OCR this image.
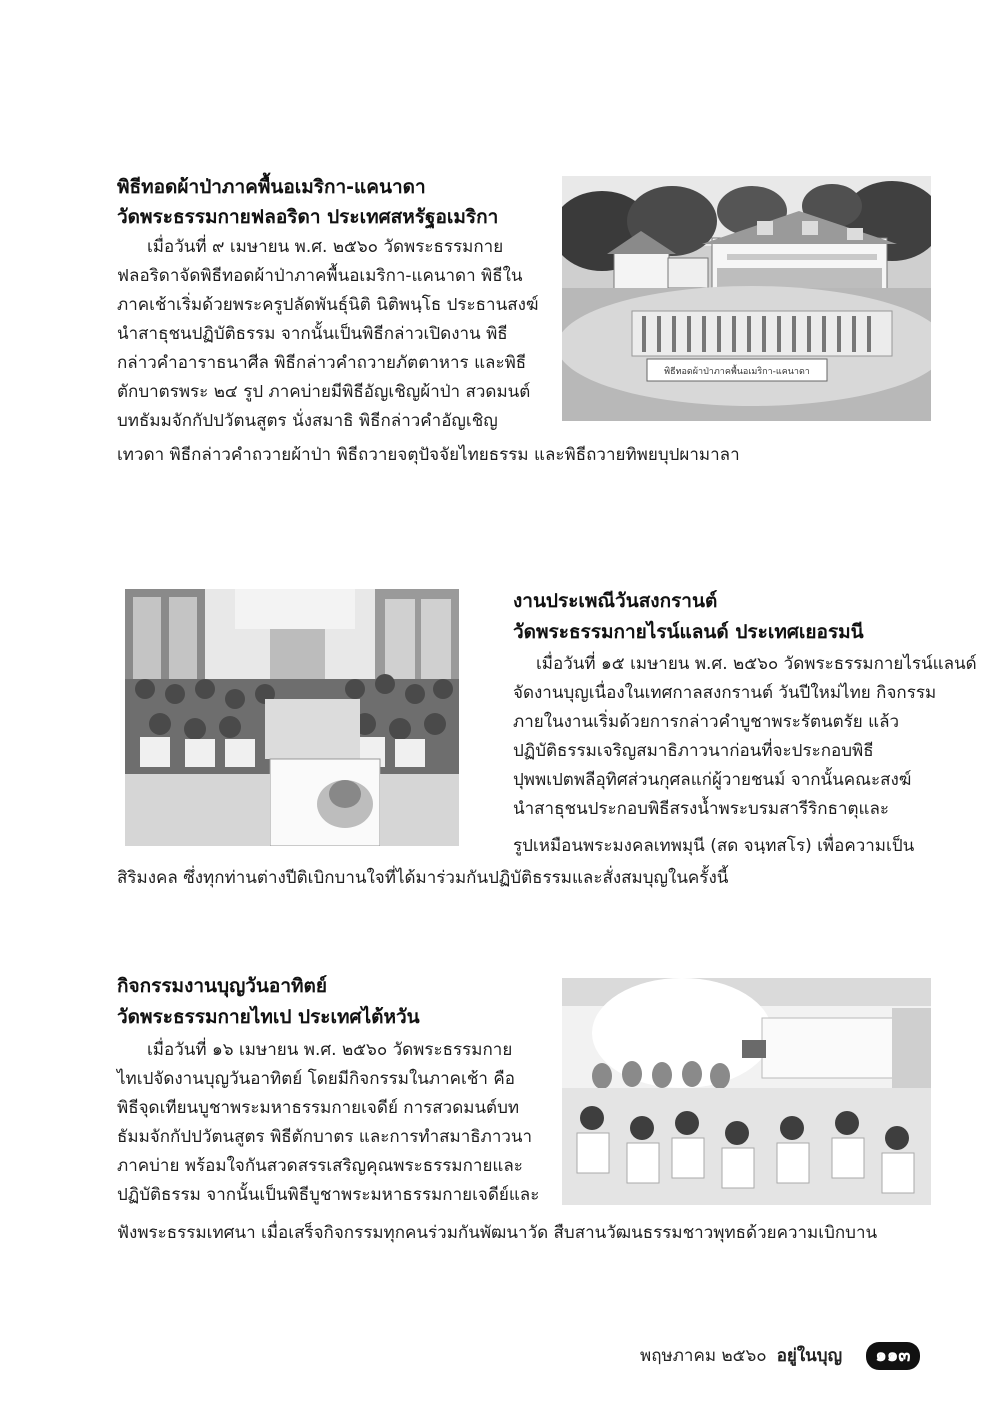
พิธีทอดผ้าป่าภาคพื้นอเมริกา-แคนาดา
วัดพระธรรมกายฟลอริดา ประเทศสหรัฐอเมริกา
เมื่อวันที่ ๙ เมษายน พ.ศ. ๒๕๖๐ วัดพระธรรมกาย
ฟลอริดาจัดพิธีทอดผ้าป่าภาคพื้นอเมริกา-แคนาดา พิธีใน
ภาคเช้าเริ่มด้วยพระครูปลัดพันธุ์นิติ นิติพนฺโธ ประธานสงฆ์
นำสาธุชนปฏิบัติธรรม จากนั้นเป็นพิธีกล่าวเปิดงาน พิธี
กล่าวคำอาราธนาศีล พิธีกล่าวคำถวายภัตตาหาร และพิธี
ตักบาตรพระ ๒๔ รูป ภาคบ่ายมีพิธีอัญเชิญผ้าป่า สวดมนต์
บทธัมมจักกัปปวัตนสูตร นั่งสมาธิ พิธีกล่าวคำอัญเชิญ
เทวดา พิธีกล่าวคำถวายผ้าป่า พิธีถวายจตุปัจจัยไทยธรรม และพิธีถวายทิพยบุปผามาลา
พิธีทอดผ้าป่าภาคพื้นอเมริกา-แคนาดา
งานประเพณีวันสงกรานต์
วัดพระธรรมกายไรน์แลนด์ ประเทศเยอรมนี
เมื่อวันที่ ๑๕ เมษายน พ.ศ. ๒๕๖๐ วัดพระธรรมกายไรน์แลนด์
จัดงานบุญเนื่องในเทศกาลสงกรานต์ วันปีใหม่ไทย กิจกรรม
ภายในงานเริ่มด้วยการกล่าวคำบูชาพระรัตนตรัย แล้ว
ปฏิบัติธรรมเจริญสมาธิภาวนาก่อนที่จะประกอบพิธี
ปุพพเปตพลีอุทิศส่วนกุศลแก่ผู้วายชนม์ จากนั้นคณะสงฆ์
นำสาธุชนประกอบพิธีสรงน้ำพระบรมสารีริกธาตุและ
รูปเหมือนพระมงคลเทพมุนี (สด จนฺทสโร) เพื่อความเป็น
สิริมงคล ซึ่งทุกท่านต่างปีติเบิกบานใจที่ได้มาร่วมกันปฏิบัติธรรมและสั่งสมบุญในครั้งนี้
กิจกรรมงานบุญวันอาทิตย์
วัดพระธรรมกายไทเป ประเทศไต้หวัน
เมื่อวันที่ ๑๖ เมษายน พ.ศ. ๒๕๖๐ วัดพระธรรมกาย
ไทเปจัดงานบุญวันอาทิตย์ โดยมีกิจกรรมในภาคเช้า คือ
พิธีจุดเทียนบูชาพระมหาธรรมกายเจดีย์ การสวดมนต์บท
ธัมมจักกัปปวัตนสูตร พิธีตักบาตร และการทำสมาธิภาวนา
ภาคบ่าย พร้อมใจกันสวดสรรเสริญคุณพระธรรมกายและ
ปฏิบัติธรรม จากนั้นเป็นพิธีบูชาพระมหาธรรมกายเจดีย์และ
ฟังพระธรรมเทศนา เมื่อเสร็จกิจกรรมทุกคนร่วมกันพัฒนาวัด สืบสานวัฒนธรรมชาวพุทธด้วยความเบิกบาน
พฤษภาคม ๒๕๖๐ อยู่ในบุญ	๑๑๓
